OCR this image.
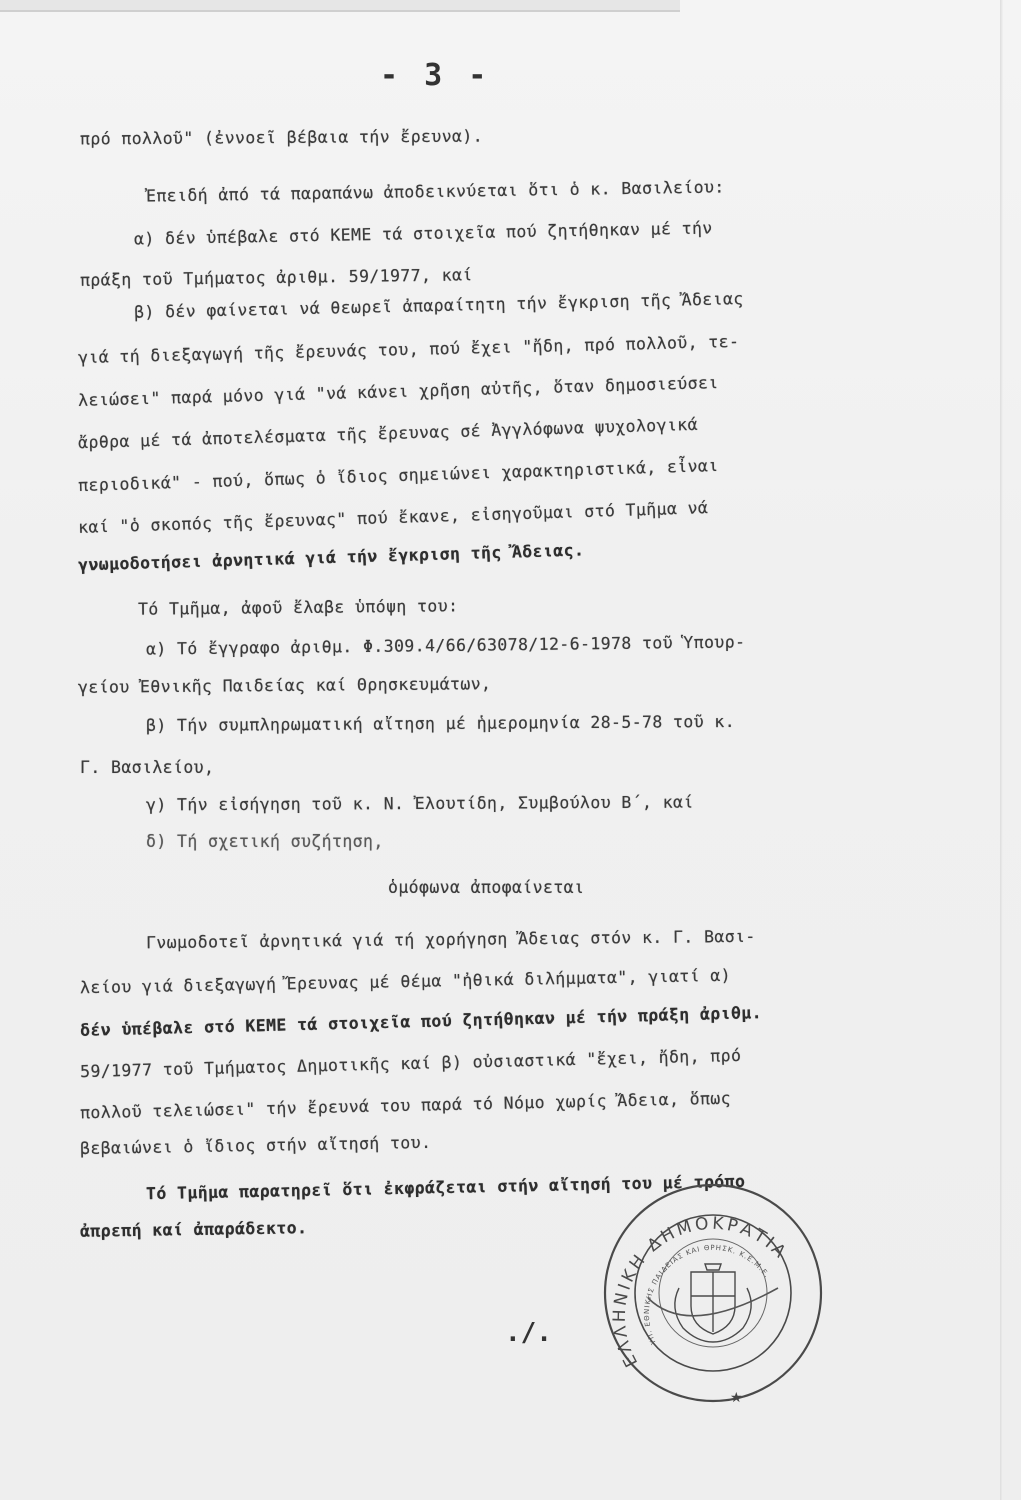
- 3 -
πρό πολλοῦ" (ἐννοεῖ βέβαια τήν ἔρευνα).
Ἐπειδή ἀπό τά παραπάνω ἀποδεικνύεται ὅτι ὁ κ. Βασιλείου:
α) δέν ὑπέβαλε στό ΚΕΜΕ τά στοιχεῖα πού ζητήθηκαν μέ τήν
πράξη τοῦ Τμήματος ἀριθμ. 59/1977, καί
β) δέν φαίνεται νά θεωρεῖ ἀπαραίτητη τήν ἔγκριση τῆς Ἄδειας
γιά τή διεξαγωγή τῆς ἔρευνάς του, πού ἔχει "ἤδη, πρό πολλοῦ, τε-
λειώσει" παρά μόνο γιά "νά κάνει χρῆση αὐτῆς, ὅταν δημοσιεύσει
ἄρθρα μέ τά ἀποτελέσματα τῆς ἔρευνας σέ Ἀγγλόφωνα ψυχολογικά
περιοδικά" - πού, ὅπως ὁ ἴδιος σημειώνει χαρακτηριστικά, εἶναι
καί "ὁ σκοπός τῆς ἔρευνας" πού ἔκανε, εἰσηγοῦμαι στό Τμῆμα νά
γνωμοδοτήσει ἀρνητικά γιά τήν ἔγκριση τῆς Ἄδειας.
Τό Τμῆμα, ἀφοῦ ἔλαβε ὑπόψη του:
α) Τό ἔγγραφο ἀριθμ. Φ.309.4/66/63078/12-6-1978 τοῦ Ὑπουρ-
γείου Ἐθνικῆς Παιδείας καί Θρησκευμάτων,
β) Τήν συμπληρωματική αἴτηση μέ ἡμερομηνία 28-5-78 τοῦ κ.
Γ. Βασιλείου,
γ) Τήν εἰσήγηση τοῦ κ. Ν. Ἐλουτίδη, Συμβούλου Β΄, καί
δ) Τή σχετική συζήτηση,
ὁμόφωνα ἀποφαίνεται
Γνωμοδοτεῖ ἀρνητικά γιά τή χορήγηση Ἄδειας στόν κ. Γ. Βασι-
λείου γιά διεξαγωγή Ἔρευνας μέ θέμα "ἠθικά διλήμματα", γιατί α)
δέν ὑπέβαλε στό ΚΕΜΕ τά στοιχεῖα πού ζητήθηκαν μέ τήν πράξη ἀριθμ.
59/1977 τοῦ Τμήματος Δημοτικῆς καί β) οὐσιαστικά "ἔχει, ἤδη, πρό
πολλοῦ τελειώσει" τήν ἔρευνά του παρά τό Νόμο χωρίς Ἄδεια, ὅπως
βεβαιώνει ὁ ἴδιος στήν αἴτησή του.
Τό Τμῆμα παρατηρεῖ ὅτι ἐκφράζεται στήν αἴτησή του μέ τρόπο
ἀπρεπή καί ἀπαράδεκτο.
ΕΛΛΗΝΙΚΗ ΔΗΜΟΚΡΑΤΙΑ
ΥΠ. ΕΘΝΙΚΗΣ ΠΑΙΔΕΙΑΣ ΚΑΙ ΘΡΗΣΚ. Κ.Ε.Μ.Ε.
★
./.
